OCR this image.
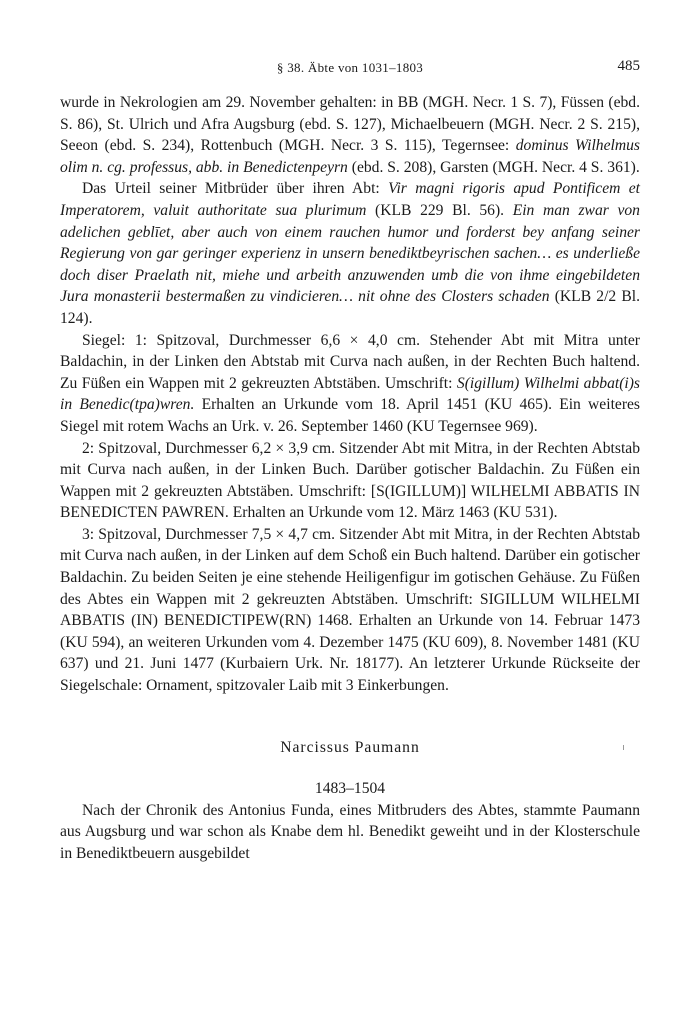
§ 38. Äbte von 1031–1803	485

wurde in Nekrologien am 29. November gehalten: in BB (MGH. Necr. 1 S. 7), Füssen (ebd. S. 86), St. Ulrich und Afra Augsburg (ebd. S. 127), Michaelbeuern (MGH. Necr. 2 S. 215), Seeon (ebd. S. 234), Rottenbuch (MGH. Necr. 3 S. 115), Tegernsee: dominus Wilhelmus olim n. cg. professus, abb. in Benedictenpeyrn (ebd. S. 208), Garsten (MGH. Necr. 4 S. 361).

Das Urteil seiner Mitbrüder über ihren Abt: Vir magni rigoris apud Pontificem et Imperatorem, valuit authoritate sua plurimum (KLB 229 Bl. 56). Ein man zwar von adelichen geblīet, aber auch von einem rauchen humor und forderst bey anfang seiner Regierung von gar geringer experienz in unsern benediktbeyrischen sachen… es underließe doch diser Praelath nit, miehe und arbeith anzuwenden umb die von ihme eingebildeten Jura monasterii bestermaßen zu vindicieren… nit ohne des Closters schaden (KLB 2/2 Bl. 124).

Siegel: 1: Spitzoval, Durchmesser 6,6 × 4,0 cm. Stehender Abt mit Mitra unter Baldachin, in der Linken den Abtstab mit Curva nach außen, in der Rechten Buch haltend. Zu Füßen ein Wappen mit 2 gekreuzten Abtstäben. Umschrift: S(igillum) Wilhelmi abbat(i)s in Benedic(tpa)wren. Erhalten an Urkunde vom 18. April 1451 (KU 465). Ein weiteres Siegel mit rotem Wachs an Urk. v. 26. September 1460 (KU Tegernsee 969).

2: Spitzoval, Durchmesser 6,2 × 3,9 cm. Sitzender Abt mit Mitra, in der Rechten Abtstab mit Curva nach außen, in der Linken Buch. Darüber gotischer Baldachin. Zu Füßen ein Wappen mit 2 gekreuzten Abtstäben. Umschrift: [S(IGILLUM)] WILHELMI ABBATIS IN BENEDICTEN PAWREN. Erhalten an Urkunde vom 12. März 1463 (KU 531).

3: Spitzoval, Durchmesser 7,5 × 4,7 cm. Sitzender Abt mit Mitra, in der Rechten Abtstab mit Curva nach außen, in der Linken auf dem Schoß ein Buch haltend. Darüber ein gotischer Baldachin. Zu beiden Seiten je eine stehende Heiligenfigur im gotischen Gehäuse. Zu Füßen des Abtes ein Wappen mit 2 gekreuzten Abtstäben. Umschrift: SIGILLUM WILHELMI ABBATIS (IN) BENEDICTIPEW(RN) 1468. Erhalten an Urkunde von 14. Februar 1473 (KU 594), an weiteren Urkunden vom 4. Dezember 1475 (KU 609), 8. November 1481 (KU 637) und 21. Juni 1477 (Kurbaiern Urk. Nr. 18177). An letzterer Urkunde Rückseite der Siegelschale: Ornament, spitzovaler Laib mit 3 Einkerbungen.

Narcissus Paumann
1483–1504

Nach der Chronik des Antonius Funda, eines Mitbruders des Abtes, stammte Paumann aus Augsburg und war schon als Knabe dem hl. Benedikt geweiht und in der Klosterschule in Benediktbeuern ausgebildet
